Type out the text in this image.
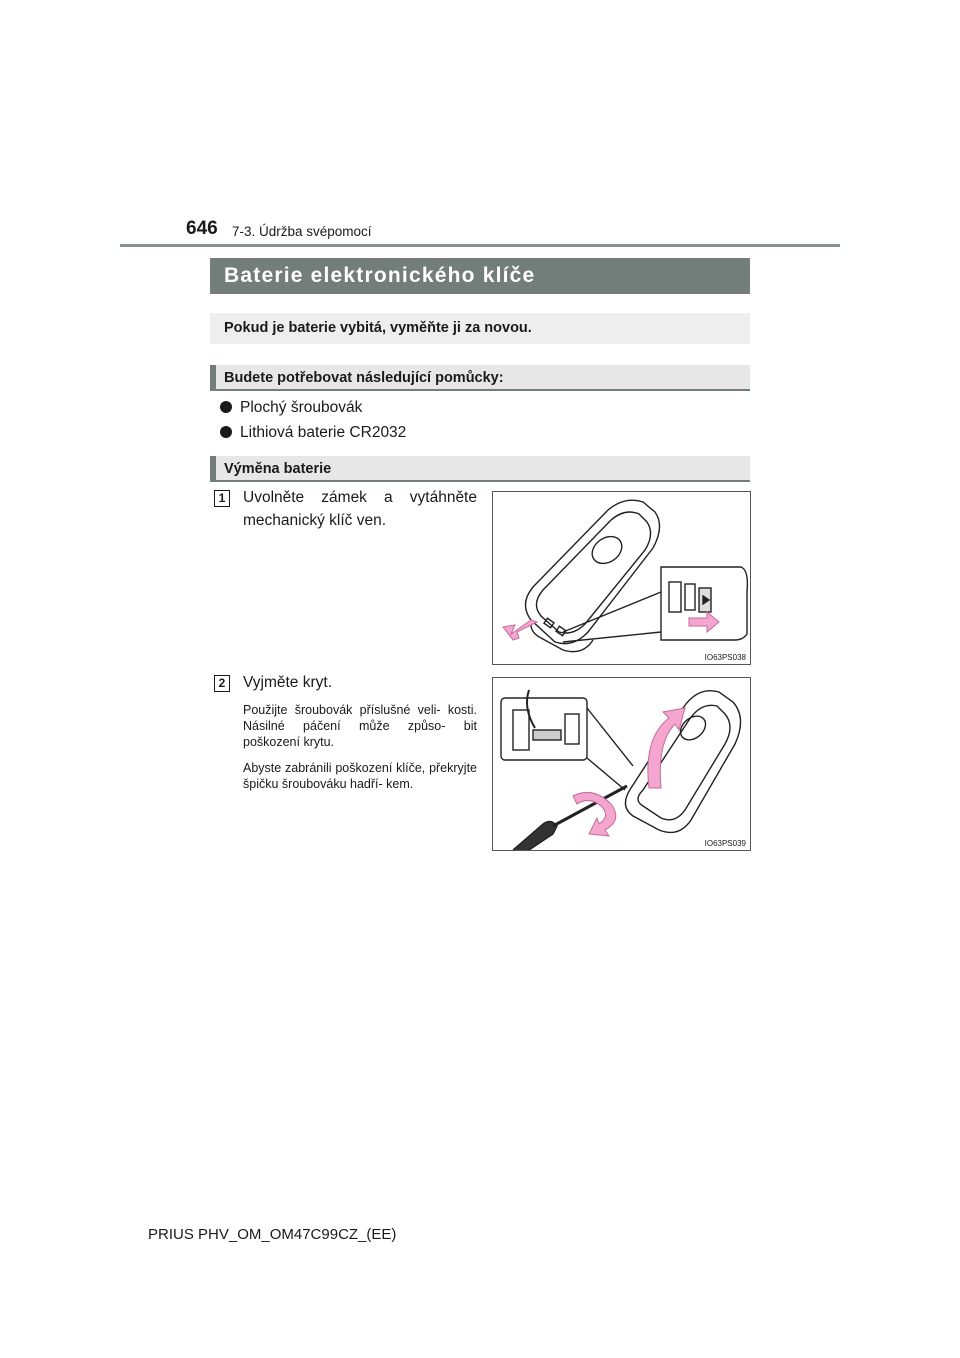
646 7-3. Údržba svépomocí
Baterie elektronického klíče
Pokud je baterie vybitá, vyměňte ji za novou.
Budete potřebovat následující pomůcky:
Plochý šroubovák
Lithiová baterie CR2032
Výměna baterie
1	Uvolněte zámek a vytáhněte mechanický klíč ven.
IO63PS038
2	Vyjměte kryt.
Použijte šroubovák příslušné veli- kosti. Násilné páčení může způso- bit poškození krytu.
Abyste zabránili poškození klíče, překryjte špičku šroubováku hadří- kem.
IO63PS039
PRIUS PHV_OM_OM47C99CZ_(EE)
